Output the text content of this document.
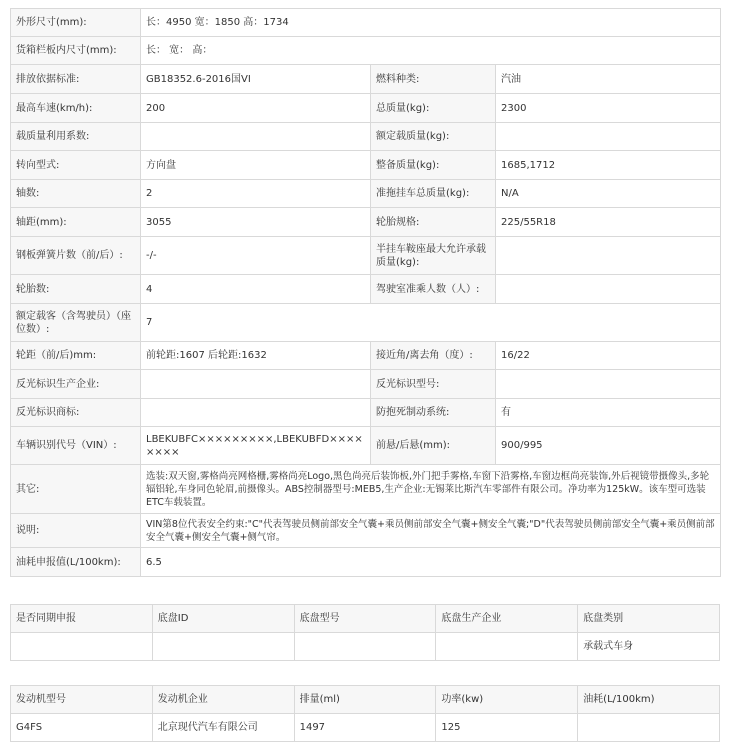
外形尺寸(mm):	长：4950 宽：1850 高：1734		
货箱栏板内尺寸(mm):	长： 宽： 高：		
排放依据标准:	GB18352.6-2016国VI	燃料种类:	汽油
最高车速(km/h):	200	总质量(kg):	2300
载质量利用系数:		额定载质量(kg):	
转向型式:	方向盘	整备质量(kg):	1685,1712
轴数:	2	准拖挂车总质量(kg):	N/A
轴距(mm):	3055	轮胎规格:	225/55R18
钢板弹簧片数（前/后）:	-/-	半挂车鞍座最大允许承载质量(kg):	
轮胎数:	4	驾驶室准乘人数（人）:	
额定载客（含驾驶员）（座位数）:	7		
轮距（前/后)mm:	前轮距:1607 后轮距:1632	接近角/离去角（度）:	16/22
反光标识生产企业:		反光标识型号:	
反光标识商标:		防抱死制动系统:	有
车辆识别代号（VIN）:	LBEKUBFC×××××××××,LBEKUBFD××××××××	前悬/后悬(mm):	900/995
其它:	选装:双天窗,雾格尚亮网格栅,雾格尚亮Logo,黑色尚亮后装饰板,外门把手雾格,车窗下沿雾格,车窗边框尚亮装饰,外后视镜带摄像头,多轮辐铝轮,车身同色轮眉,前摄像头。ABS控制器型号:MEB5,生产企业:无锡莱比斯汽车零部件有限公司。净功率为125kW。该车型可选装ETC车载装置。		
说明:	VIN第8位代表安全约束:"C"代表驾驶员侧前部安全气囊+乘员侧前部安全气囊+侧安全气囊;"D"代表驾驶员侧前部安全气囊+乘员侧前部安全气囊+侧安全气囊+侧气帘。		
油耗申报值(L/100km):	6.5		
是否同期申报	底盘ID	底盘型号	底盘生产企业	底盘类别
				承载式车身
发动机型号	发动机企业	排量(ml)	功率(kw)	油耗(L/100km)
G4FS	北京现代汽车有限公司	1497	125	
